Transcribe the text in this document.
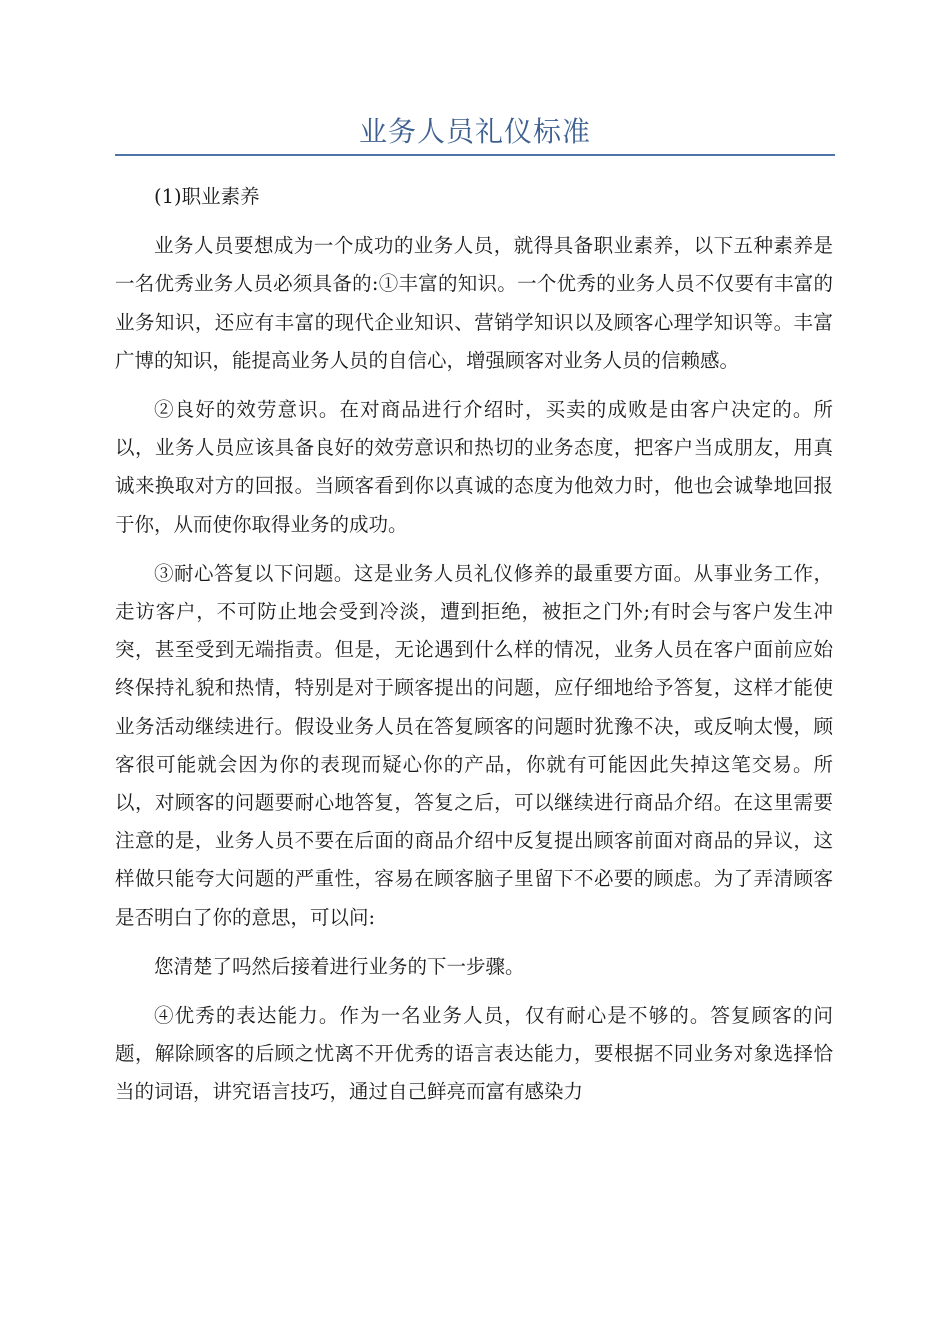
业务人员礼仪标准

(1)职业素养

业务人员要想成为一个成功的业务人员，就得具备职业素养，以下五种素养是一名优秀业务人员必须具备的:①丰富的知识。一个优秀的业务人员不仅要有丰富的业务知识，还应有丰富的现代企业知识、营销学知识以及顾客心理学知识等。丰富广博的知识，能提高业务人员的自信心，增强顾客对业务人员的信赖感。

②良好的效劳意识。在对商品进行介绍时，买卖的成败是由客户决定的。所以，业务人员应该具备良好的效劳意识和热切的业务态度，把客户当成朋友，用真诚来换取对方的回报。当顾客看到你以真诚的态度为他效力时，他也会诚挚地回报于你，从而使你取得业务的成功。

③耐心答复以下问题。这是业务人员礼仪修养的最重要方面。从事业务工作，走访客户，不可防止地会受到冷淡，遭到拒绝，被拒之门外;有时会与客户发生冲突，甚至受到无端指责。但是，无论遇到什么样的情况，业务人员在客户面前应始终保持礼貌和热情，特别是对于顾客提出的问题，应仔细地给予答复，这样才能使业务活动继续进行。假设业务人员在答复顾客的问题时犹豫不决，或反响太慢，顾客很可能就会因为你的表现而疑心你的产品，你就有可能因此失掉这笔交易。所以，对顾客的问题要耐心地答复，答复之后，可以继续进行商品介绍。在这里需要注意的是，业务人员不要在后面的商品介绍中反复提出顾客前面对商品的异议，这样做只能夸大问题的严重性，容易在顾客脑子里留下不必要的顾虑。为了弄清顾客是否明白了你的意思，可以问:

您清楚了吗然后接着进行业务的下一步骤。

④优秀的表达能力。作为一名业务人员，仅有耐心是不够的。答复顾客的问题，解除顾客的后顾之忧离不开优秀的语言表达能力，要根据不同业务对象选择恰当的词语，讲究语言技巧，通过自己鲜亮而富有感染力
